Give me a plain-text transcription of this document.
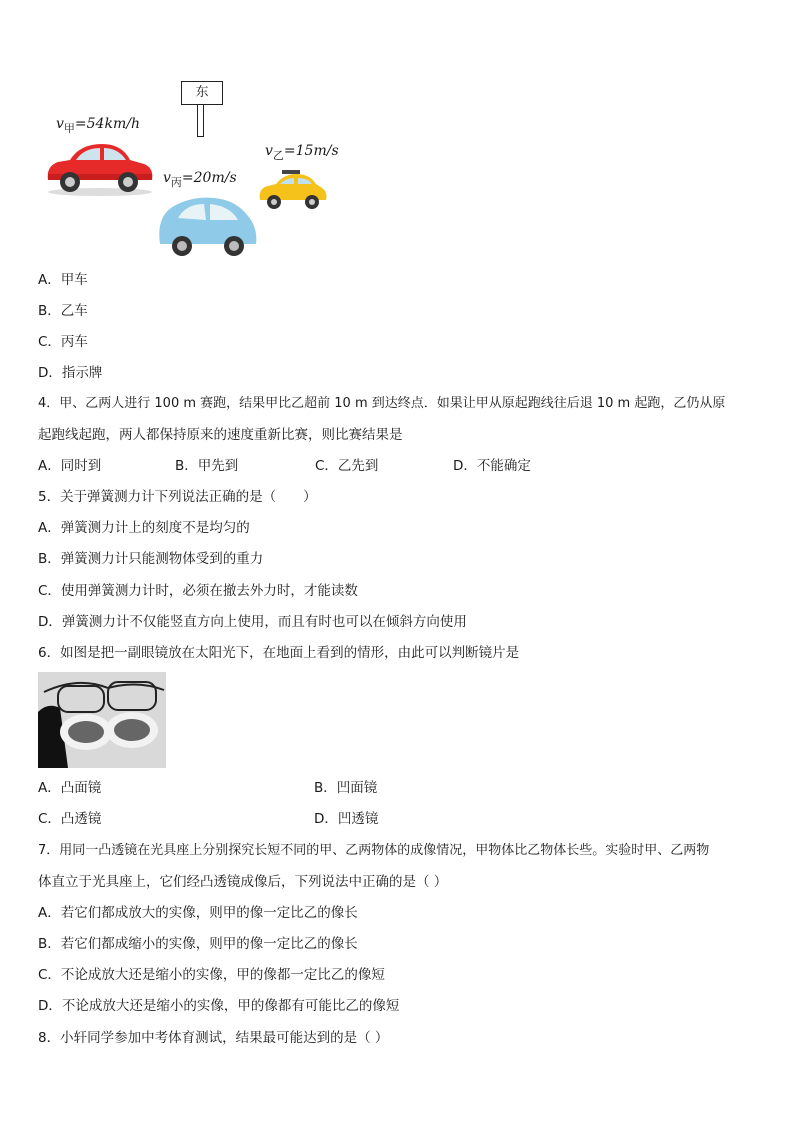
东
$v_甲=54km/h$
$v_乙=15m/s$
$v_丙=20m/s$
A．甲车
B．乙车
C．丙车
D．指示牌
4．甲、乙两人进行 100 m 赛跑，结果甲比乙超前 10 m 到达终点．如果让甲从原起跑线往后退 10 m 起跑，乙仍从原
起跑线起跑，两人都保持原来的速度重新比赛，则比赛结果是
A．同时到	B．甲先到	C．乙先到	D．不能确定
5．关于弹簧测力计下列说法正确的是（　　）
A．弹簧测力计上的刻度不是均匀的
B．弹簧测力计只能测物体受到的重力
C．使用弹簧测力计时，必须在撤去外力时，才能读数
D．弹簧测力计不仅能竖直方向上使用，而且有时也可以在倾斜方向使用
6．如图是把一副眼镜放在太阳光下，在地面上看到的情形，由此可以判断镜片是
A．凸面镜	B．凹面镜
C．凸透镜	D．凹透镜
7．用同一凸透镜在光具座上分别探究长短不同的甲、乙两物体的成像情况，甲物体比乙物体长些。实验时甲、乙两物
体直立于光具座上，它们经凸透镜成像后，下列说法中正确的是（ ）
A．若它们都成放大的实像，则甲的像一定比乙的像长
B．若它们都成缩小的实像，则甲的像一定比乙的像长
C．不论成放大还是缩小的实像，甲的像都一定比乙的像短
D．不论成放大还是缩小的实像，甲的像都有可能比乙的像短
8．小轩同学参加中考体育测试，结果最可能达到的是（ ）
